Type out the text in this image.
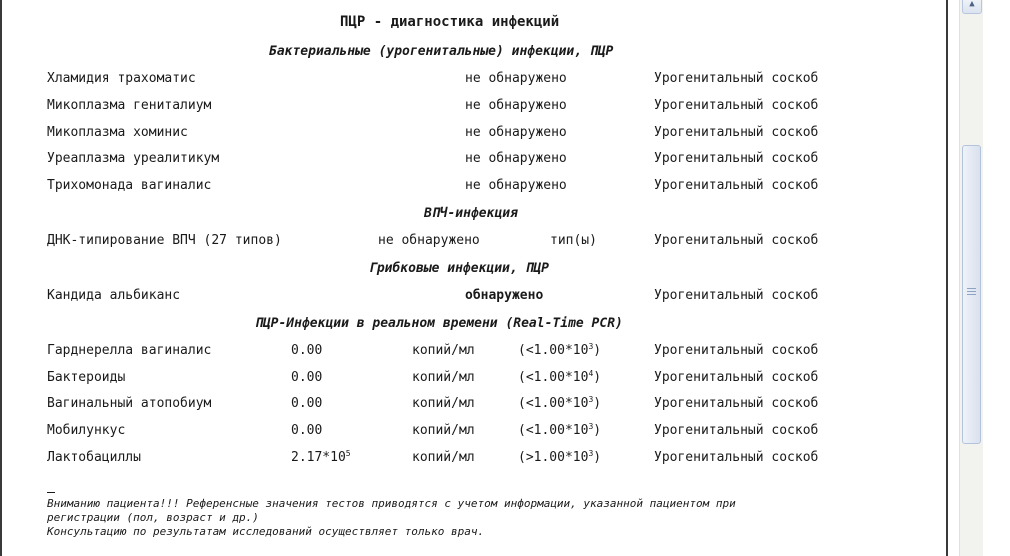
ПЦР - диагностика инфекций
Бактериальные (урогенитальные) инфекции, ПЦР
Хламидия трахоматис	не обнаружено	Урогенитальный соскоб
Микоплазма гениталиум	не обнаружено	Урогенитальный соскоб
Микоплазма хоминис	не обнаружено	Урогенитальный соскоб
Уреаплазма уреалитикум	не обнаружено	Урогенитальный соскоб
Трихомонада вагиналис	не обнаружено	Урогенитальный соскоб
ВПЧ-инфекция
ДНК-типирование ВПЧ (27 типов)	не обнаружено	тип(ы)	Урогенитальный соскоб
Грибковые инфекции, ПЦР
Кандида альбиканс	обнаружено	Урогенитальный соскоб
ПЦР-Инфекции в реальном времени (Real-Time PCR)
Гарднерелла вагиналис	0.00	копий/мл	$(<1.00*10^3)$	Урогенитальный соскоб
Бактероиды	0.00	копий/мл	$(<1.00*10^4)$	Урогенитальный соскоб
Вагинальный атопобиум	0.00	копий/мл	$(<1.00*10^3)$	Урогенитальный соскоб
Мобилункус	0.00	копий/мл	$(<1.00*10^3)$	Урогенитальный соскоб
Лактобациллы	$2.17*10^5$	копий/мл	$(>1.00*10^3)$	Урогенитальный соскоб
Вниманию пациента!!! Референсные значения тестов приводятся с учетом информации, указанной пациентом при
регистрации (пол, возраст и др.)
Консультацию по результатам исследований осуществляет только врач.
▲
